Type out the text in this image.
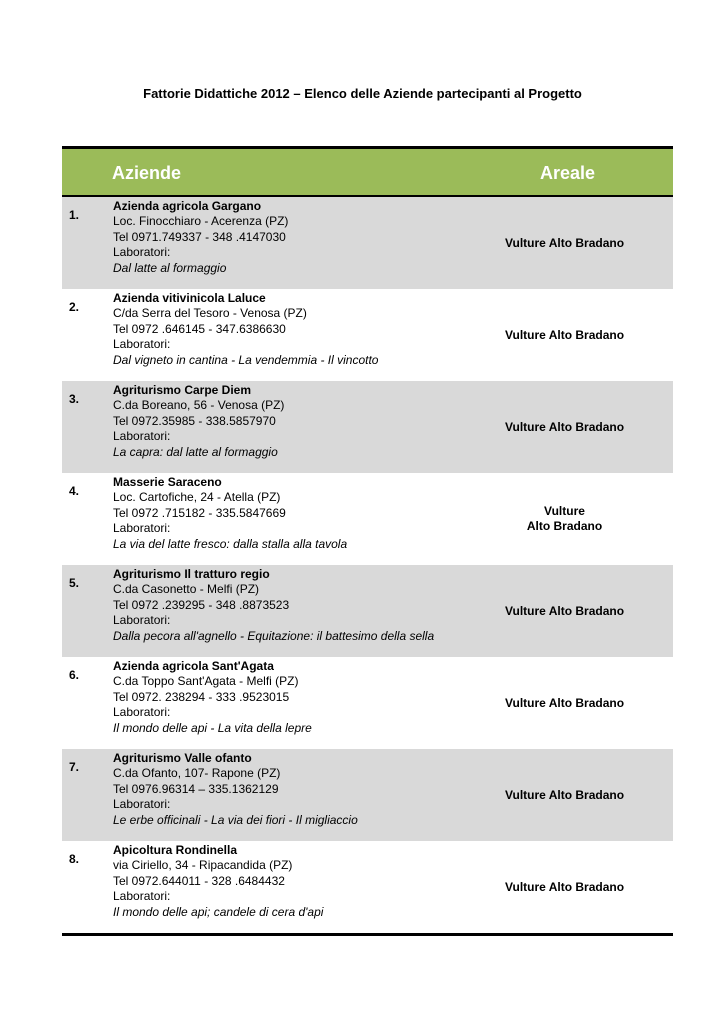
Fattorie Didattiche 2012 – Elenco delle Aziende partecipanti al Progetto
Aziende	Areale
1.
Azienda agricola Gargano
Loc. Finocchiaro - Acerenza (PZ)
Tel 0971.749337 - 348 .4147030
Laboratori:
Dal latte al formaggio
Vulture Alto Bradano
2.
Azienda vitivinicola Laluce
C/da Serra del Tesoro - Venosa (PZ)
Tel 0972 .646145 - 347.6386630
Laboratori:
Dal vigneto in cantina - La vendemmia - Il vincotto
Vulture Alto Bradano
3.
Agriturismo Carpe Diem
C.da Boreano, 56 - Venosa (PZ)
Tel 0972.35985 - 338.5857970
Laboratori:
La capra: dal latte al formaggio
Vulture Alto Bradano
4.
Masserie Saraceno
Loc. Cartofiche, 24 - Atella (PZ)
Tel 0972 .715182 - 335.5847669
Laboratori:
La via del latte fresco: dalla stalla alla tavola
Vulture
Alto Bradano
5.
Agriturismo Il tratturo regio
C.da Casonetto - Melfi (PZ)
Tel 0972 .239295 - 348 .8873523
Laboratori:
Dalla pecora all'agnello - Equitazione: il battesimo della sella
Vulture Alto Bradano
6.
Azienda agricola Sant'Agata
C.da Toppo Sant'Agata - Melfi (PZ)
Tel 0972. 238294 - 333 .9523015
Laboratori:
Il mondo delle api - La vita della lepre
Vulture Alto Bradano
7.
Agriturismo Valle ofanto
C.da Ofanto, 107- Rapone (PZ)
Tel 0976.96314 – 335.1362129
Laboratori:
Le erbe officinali - La via dei fiori - Il migliaccio
Vulture Alto Bradano
8.
Apicoltura Rondinella
via Ciriello, 34 - Ripacandida (PZ)
Tel 0972.644011 - 328 .6484432
Laboratori:
Il mondo delle api; candele di cera d'api
Vulture Alto Bradano
